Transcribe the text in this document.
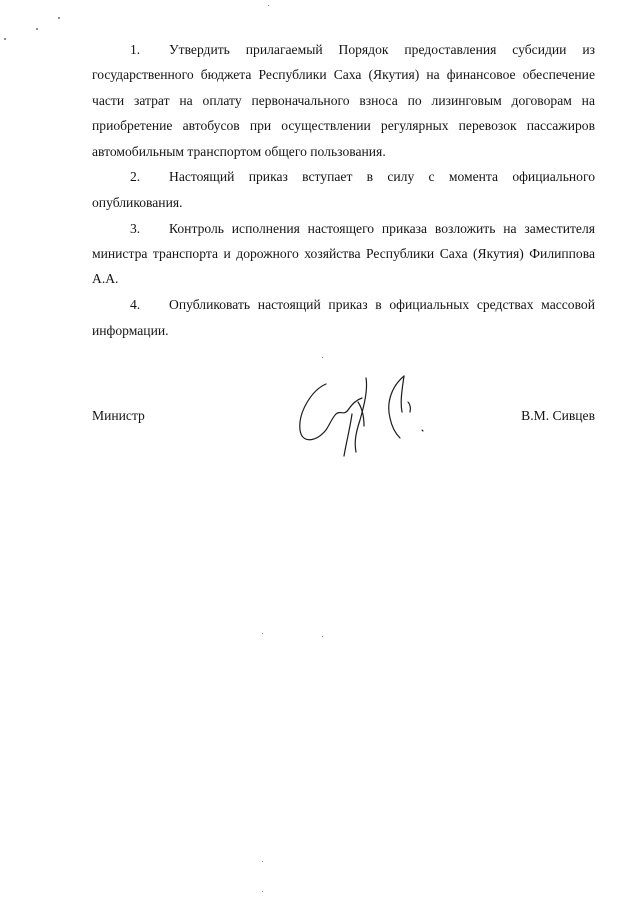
1. Утвердить прилагаемый Порядок предоставления субсидии из государственного бюджета Республики Саха (Якутия) на финансовое обеспечение части затрат на оплату первоначального взноса по лизинговым договорам на приобретение автобусов при осуществлении регулярных перевозок пассажиров автомобильным транспортом общего пользования.

2. Настоящий приказ вступает в силу с момента официального опубликования.

3. Контроль исполнения настоящего приказа возложить на заместителя министра транспорта и дорожного хозяйства Республики Саха (Якутия) Филиппова А.А.

4. Опубликовать настоящий приказ в официальных средствах массовой информации.

Министр	В.М. Сивцев
